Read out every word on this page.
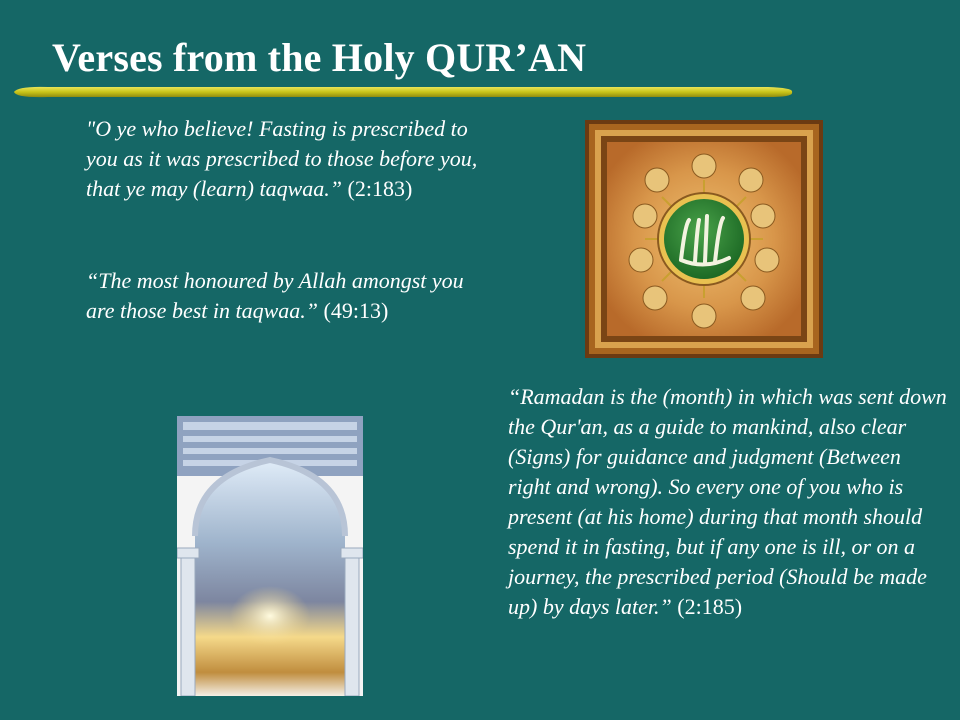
Verses from the Holy QUR’AN
"O ye who believe! Fasting is prescribed to you as it was prescribed to those before you, that ye may (learn) taqwaa.” (2:183)
“The most honoured by Allah amongst you are those best in taqwaa.” (49:13)
“Ramadan is the (month) in which was sent down the Qur'an, as a guide to mankind, also clear (Signs) for guidance and judgment (Between right and wrong). So every one of you who is present (at his home) during that month should spend it in fasting, but if any one is ill, or on a journey, the prescribed period (Should be made up) by days later.” (2:185)
